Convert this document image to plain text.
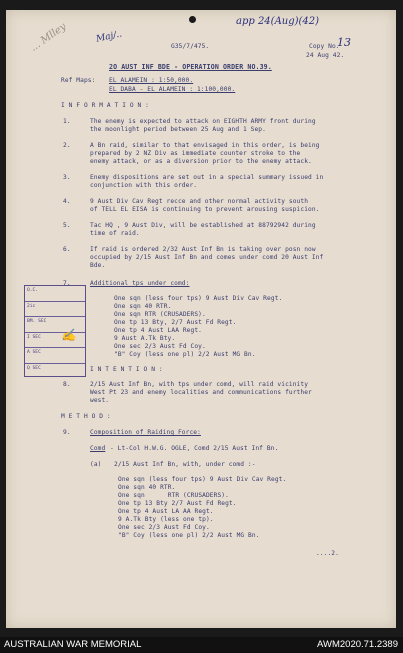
... Mlley	Maj/..
app 24(Aug)(42)
G35/7/475.	Copy No.
13
24 Aug 42.
2O AUST INF BDE - OPERATION ORDER NO.39.
Ref Maps: EL ALAMEIN : 1:50,000.
EL DABA - EL ALAMEIN : 1:100,000.
I N F O R M A T I O N :
1.	The enemy is expected to attack on EIGHTH ARMY front during
the moonlight period between 25 Aug and 1 Sep.
2.	A Bn raid, similar to that envisaged in this order, is being
prepared by 2 NZ Div as immediate counter stroke to the
enemy attack, or as a diversion prior to the enemy attack.
3.	Enemy dispositions are set out in a special summary issued in
conjunction with this order.
4.	9 Aust Div Cav Regt recce and other normal activity south
of TELL EL EISA is continuing to prevent arousing suspicion.
5.	Tac HQ , 9 Aust Div, will be established at 88792942 during
time of raid.
6.	If raid is ordered 2/32 Aust Inf Bn is taking over posn now
occupied by 2/15 Aust Inf Bn and comes under comd 20 Aust Inf
Bde.
O.C.
2ic
BM. SEC
I SEC
A SEC
Q SEC
✍
7.	Additional tps under comd:
One sqn (less four tps) 9 Aust Div Cav Regt.
One sqn 40 RTR.
One sqn RTR (CRUSADERS).
One tp 13 Bty, 2/7 Aust Fd Regt.
One tp 4 Aust LAA Regt.
9 Aust A.Tk Bty.
One sec 2/3 Aust Fd Coy.
"B" Coy (less one pl) 2/2 Aust MG Bn.
I N T E N T I O N :
8.	2/15 Aust Inf Bn, with tps under comd, will raid vicinity
West Pt 23 and enemy localities and communications further
west.
M E T H O D :
9.	Composition of Raiding Force:
Comd - Lt-Col H.W.G. OGLE, Comd 2/15 Aust Inf Bn.
(a) 2/15 Aust Inf Bn, with, under comd :-
One sqn (less four tps) 9 Aust Div Cav Regt.
One sqn 40 RTR.
One sqn      RTR (CRUSADERS).
One tp 13 Bty 2/7 Aust Fd Regt.
One tp 4 Aust LA AA Regt.
9 A.Tk Bty (less one tp).
One sec 2/3 Aust Fd Coy.
"B" Coy (less one pl) 2/2 Aust MG Bn.
....2.
AUSTRALIAN WAR MEMORIAL	AWM2020.71.2389
